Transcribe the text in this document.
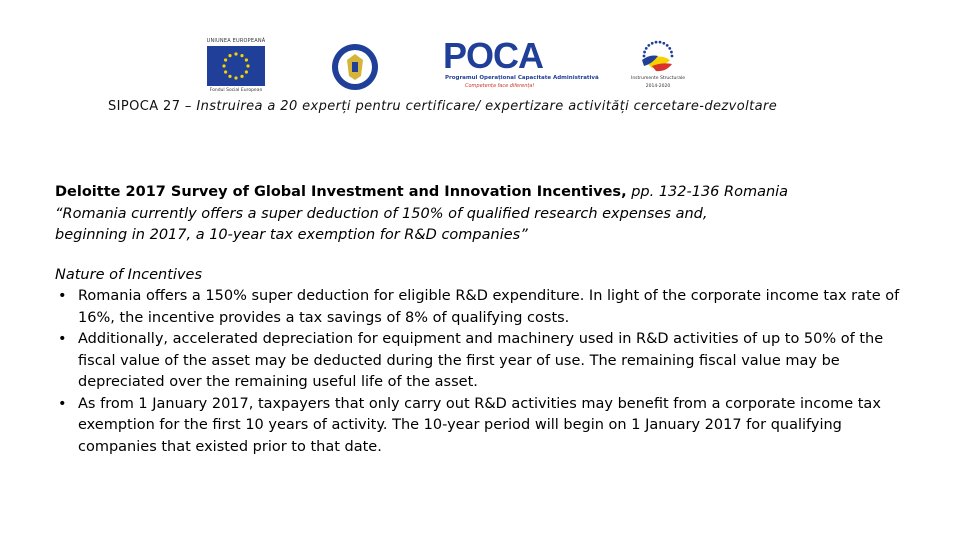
UNIUNEA EUROPEANĂ
Fondul Social European
POCA
Programul Operațional Capacitate Administrativă
Competența face diferența!
Instrumente Structurale
2014-2020
SIPOCA 27 – Instruirea a 20 experți pentru certificare/ expertizare activități cercetare-dezvoltare
Deloitte 2017 Survey of Global Investment and Innovation Incentives, pp. 132-136 Romania
“Romania currently offers a super deduction of 150% of qualified research expenses and,
beginning in 2017, a 10-year tax exemption for R&D companies”
Nature of Incentives
• Romania offers a 150% super deduction for eligible R&D expenditure. In light of the corporate income tax rate of 16%, the incentive provides a tax savings of 8% of qualifying costs.
• Additionally, accelerated depreciation for equipment and machinery used in R&D activities of up to 50% of the fiscal value of the asset may be deducted during the first year of use. The remaining fiscal value may be depreciated over the remaining useful life of the asset.
• As from 1 January 2017, taxpayers that only carry out R&D activities may benefit from a corporate income tax exemption for the first 10 years of activity. The 10-year period will begin on 1 January 2017 for qualifying companies that existed prior to that date.
